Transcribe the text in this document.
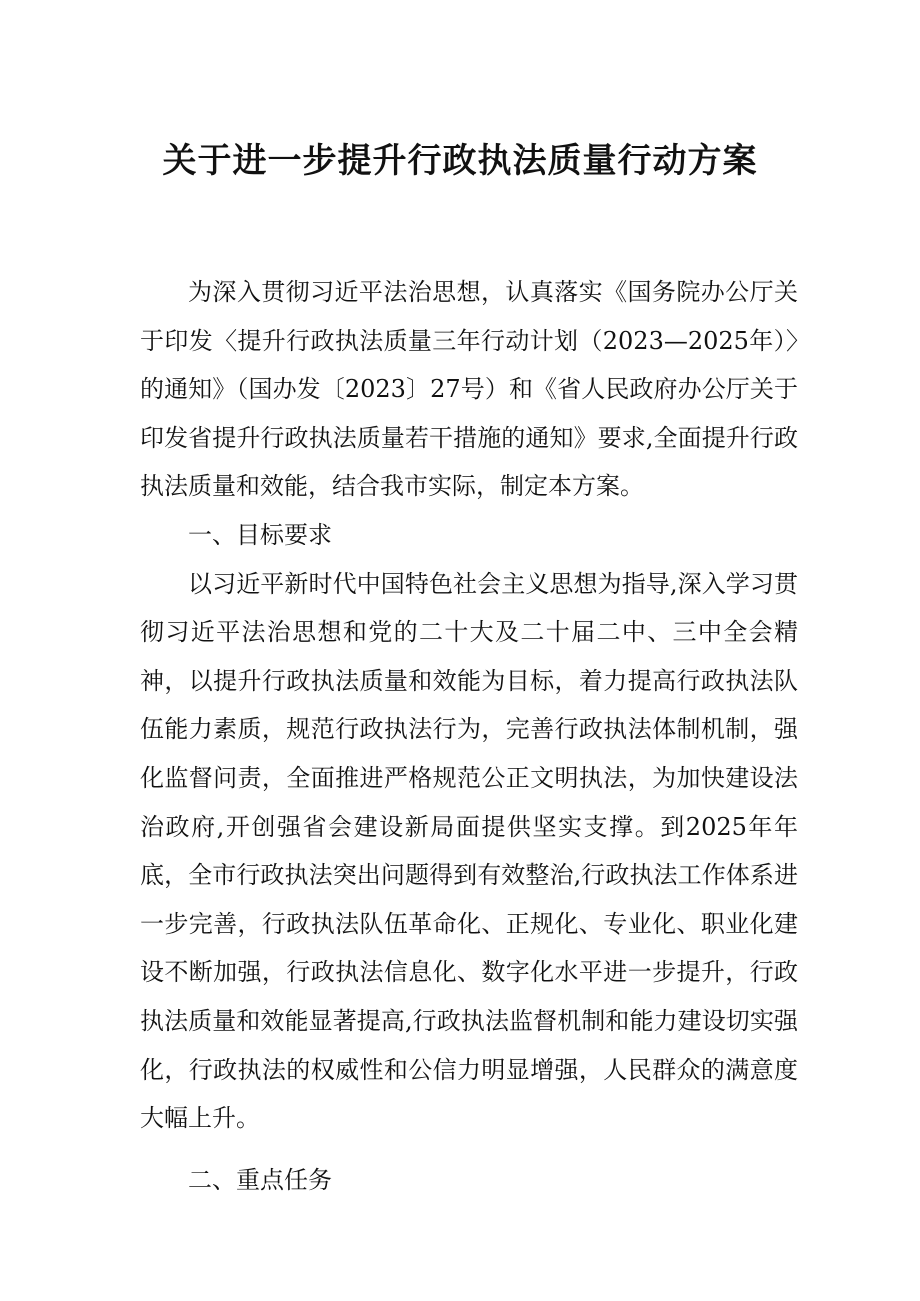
关于进一步提升行政执法质量行动方案

为深入贯彻习近平法治思想，认真落实《国务院办公厅关于印发〈提升行政执法质量三年行动计划（2023—2025年）〉的通知》（国办发〔2023〕27号）和《省人民政府办公厅关于印发省提升行政执法质量若干措施的通知》要求,全面提升行政执法质量和效能，结合我市实际，制定本方案。

一、目标要求

以习近平新时代中国特色社会主义思想为指导,深入学习贯彻习近平法治思想和党的二十大及二十届二中、三中全会精神，以提升行政执法质量和效能为目标，着力提高行政执法队伍能力素质，规范行政执法行为，完善行政执法体制机制，强化监督问责，全面推进严格规范公正文明执法，为加快建设法治政府,开创强省会建设新局面提供坚实支撑。到2025年年底，全市行政执法突出问题得到有效整治,行政执法工作体系进一步完善，行政执法队伍革命化、正规化、专业化、职业化建设不断加强，行政执法信息化、数字化水平进一步提升，行政执法质量和效能显著提高,行政执法监督机制和能力建设切实强化，行政执法的权威性和公信力明显增强，人民群众的满意度大幅上升。

二、重点任务
